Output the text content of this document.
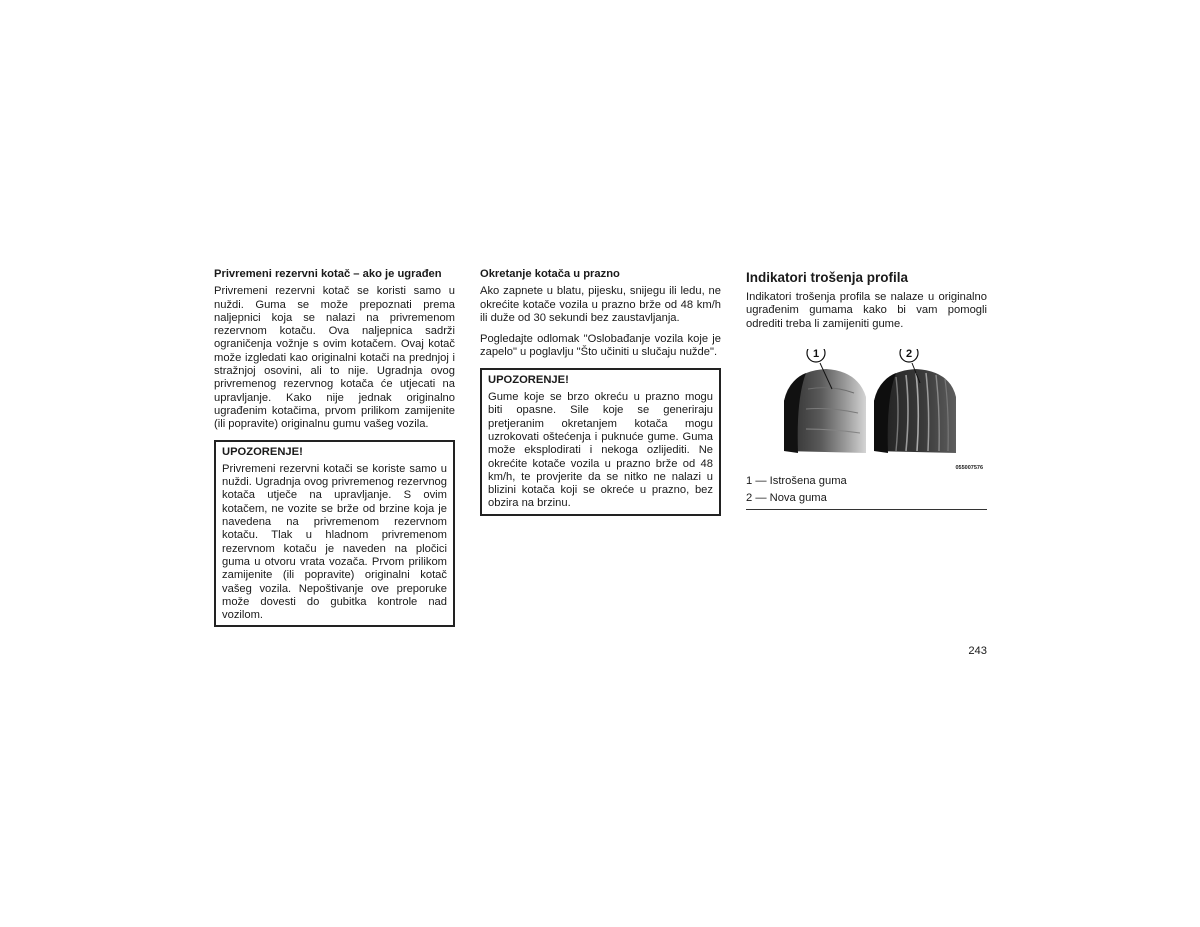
Privremeni rezervni kotač – ako je ugrađen
Privremeni rezervni kotač se koristi samo u nuždi. Guma se može prepoznati prema naljepnici koja se nalazi na privremenom rezervnom kotaču. Ova naljepnica sadrži ograničenja vožnje s ovim kotačem. Ovaj kotač može izgledati kao originalni kotači na prednjoj i stražnjoj osovini, ali to nije. Ugradnja ovog privremenog rezervnog kotača će utjecati na upravljanje. Kako nije jednak originalno ugrađenim kotačima, prvom prilikom zamijenite (ili popravite) originalnu gumu vašeg vozila.
UPOZORENJE!
Privremeni rezervni kotači se koriste samo u nuždi. Ugradnja ovog privremenog rezervnog kotača utječe na upravljanje. S ovim kotačem, ne vozite se brže od brzine koja je navedena na privremenom rezervnom kotaču. Tlak u hladnom privremenom rezervnom kotaču je naveden na pločici guma u otvoru vrata vozača. Prvom prilikom zamijenite (ili popravite) originalni kotač vašeg vozila. Nepoštivanje ove preporuke može dovesti do gubitka kontrole nad vozilom.
Okretanje kotača u prazno
Ako zapnete u blatu, pijesku, snijegu ili ledu, ne okrećite kotače vozila u prazno brže od 48 km/h ili duže od 30 sekundi bez zaustavljanja.
Pogledajte odlomak "Oslobađanje vozila koje je zapelo" u poglavlju "Što učiniti u slučaju nužde".
UPOZORENJE!
Gume koje se brzo okreću u prazno mogu biti opasne. Sile koje se generiraju pretjeranim okretanjem kotača mogu uzrokovati oštećenja i puknuće gume. Guma može eksplodirati i nekoga ozlijediti. Ne okrećite kotače vozila u prazno brže od 48 km/h, te provjerite da se nitko ne nalazi u blizini kotača koji se okreće u prazno, bez obzira na brzinu.
Indikatori trošenja profila
Indikatori trošenja profila se nalaze u originalno ugrađenim gumama kako bi vam pomogli odrediti treba li zamijeniti gume.
1	2
055007576
1 — Istrošena guma
2 — Nova guma
243
